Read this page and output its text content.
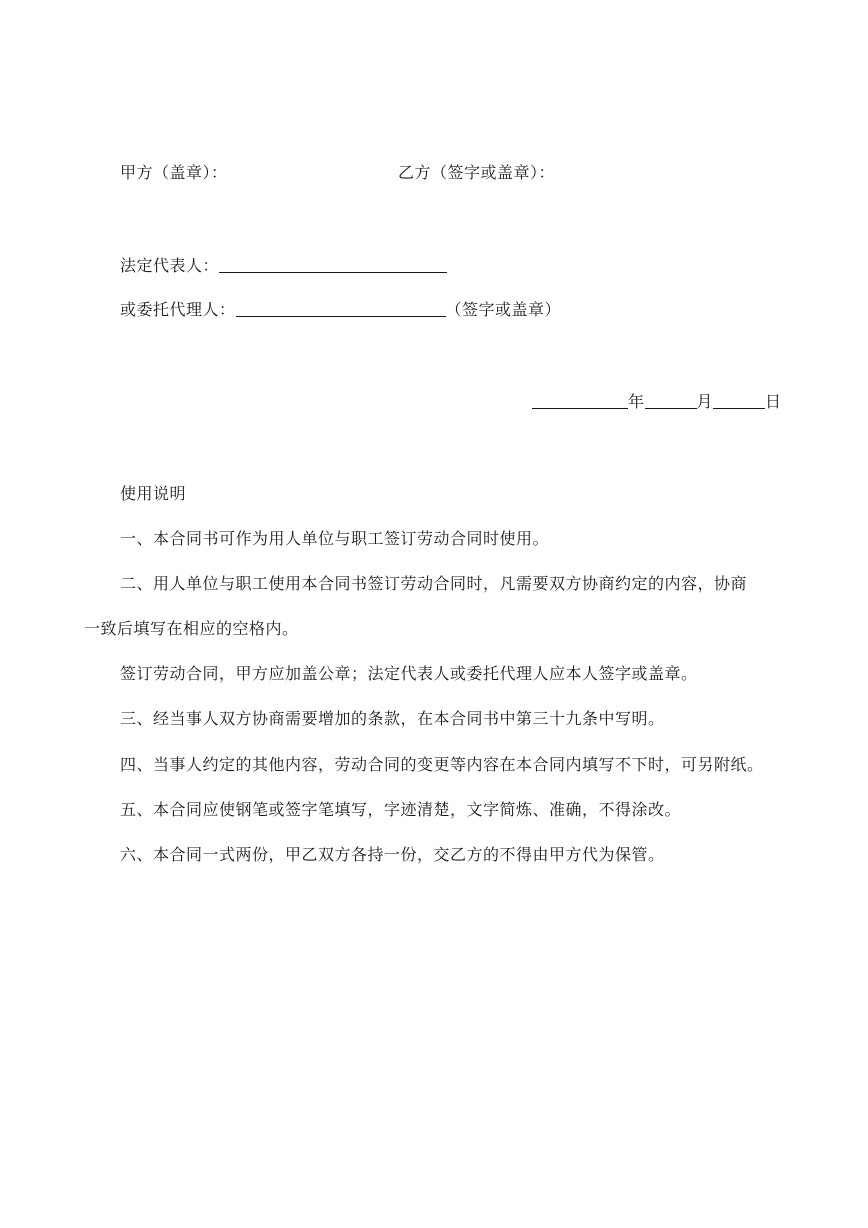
甲方（盖章）：	乙方（签字或盖章）：
法定代表人：
或委托代理人：	（签字或盖章）
年	月	日
使用说明
一、本合同书可作为用人单位与职工签订劳动合同时使用。
二、用人单位与职工使用本合同书签订劳动合同时，凡需要双方协商约定的内容，协商
一致后填写在相应的空格内。
签订劳动合同，甲方应加盖公章；法定代表人或委托代理人应本人签字或盖章。
三、经当事人双方协商需要增加的条款，在本合同书中第三十九条中写明。
四、当事人约定的其他内容，劳动合同的变更等内容在本合同内填写不下时，可另附纸。
五、本合同应使钢笔或签字笔填写，字迹清楚，文字简炼、准确，不得涂改。
六、本合同一式两份，甲乙双方各持一份，交乙方的不得由甲方代为保管。
